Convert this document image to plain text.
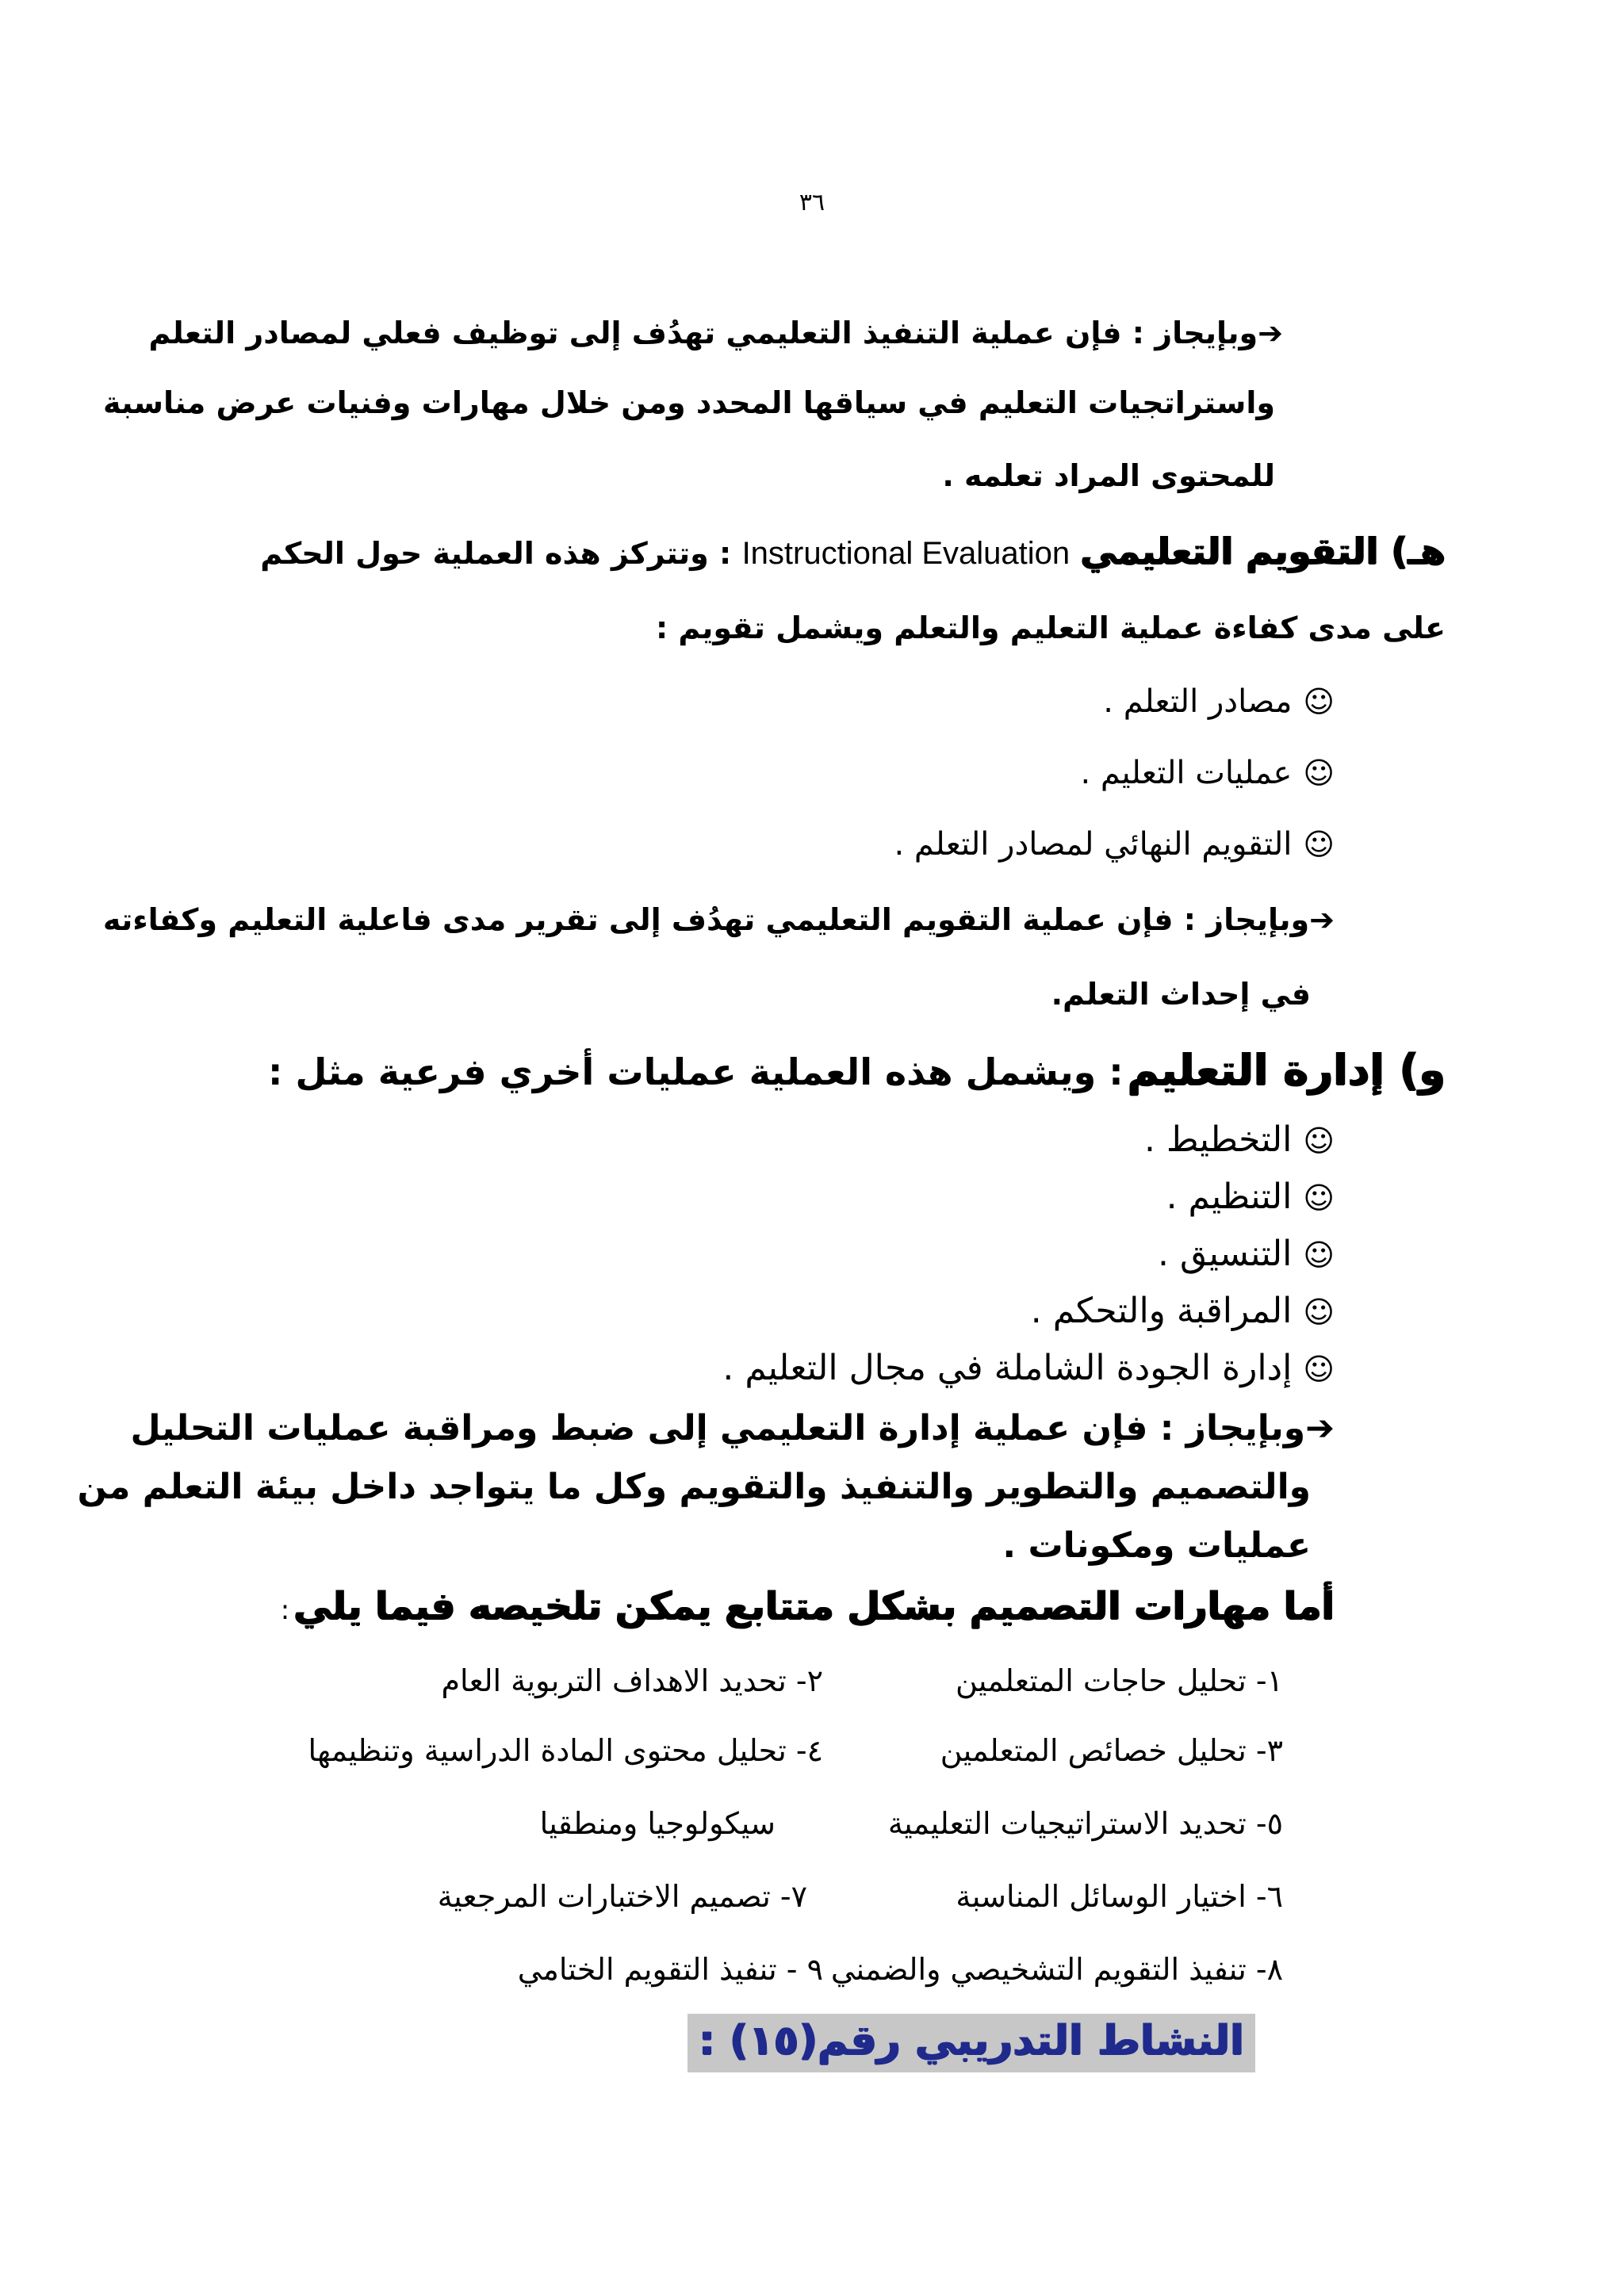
٣٦
➔وبإيجاز : فإن عملية التنفيذ التعليمي تهدُف إلى توظيف فعلي لمصادر التعلم
واستراتجيات التعليم في سياقها المحدد ومن خلال مهارات وفنيات عرض مناسبة
للمحتوى المراد تعلمه .
هـ) التقويم التعليمي Instructional Evaluation : وتتركز هذه العملية حول الحكم
على مدى كفاءة عملية التعليم والتعلم ويشمل تقويم :
☺مصادر التعلم .
☺عمليات التعليم .
☺التقويم النهائي لمصادر التعلم .
➔وبإيجاز : فإن عملية التقويم التعليمي تهدُف إلى تقرير مدى فاعلية التعليم وكفاءته
في إحداث التعلم.
و) إدارة التعليم : ويشمل هذه العملية عمليات أخري فرعية مثل :
☺التخطيط .
☺التنظيم .
☺التنسيق .
☺المراقبة والتحكم .
☺إدارة الجودة الشاملة في مجال التعليم .
➔وبإيجاز : فإن عملية إدارة التعليمي إلى ضبط ومراقبة عمليات التحليل
والتصميم والتطوير والتنفيذ والتقويم وكل ما يتواجد داخل بيئة التعلم من
عمليات ومكونات .
أما مهارات التصميم بشكل متتابع يمكن تلخيصه فيما يلي :
١- تحليل حاجات المتعلمين
٢- تحديد الاهداف التربوية العام
٣- تحليل خصائص المتعلمين
٤- تحليل محتوى المادة الدراسية وتنظيمها
٥- تحديد الاستراتيجيات التعليمية
سيكولوجيا ومنطقيا
٦- اختيار الوسائل المناسبة
٧- تصميم الاختبارات المرجعية
٨- تنفيذ التقويم التشخيصي والضمني
٩ - تنفيذ التقويم الختامي
النشاط التدريبي رقم(١٥) :
